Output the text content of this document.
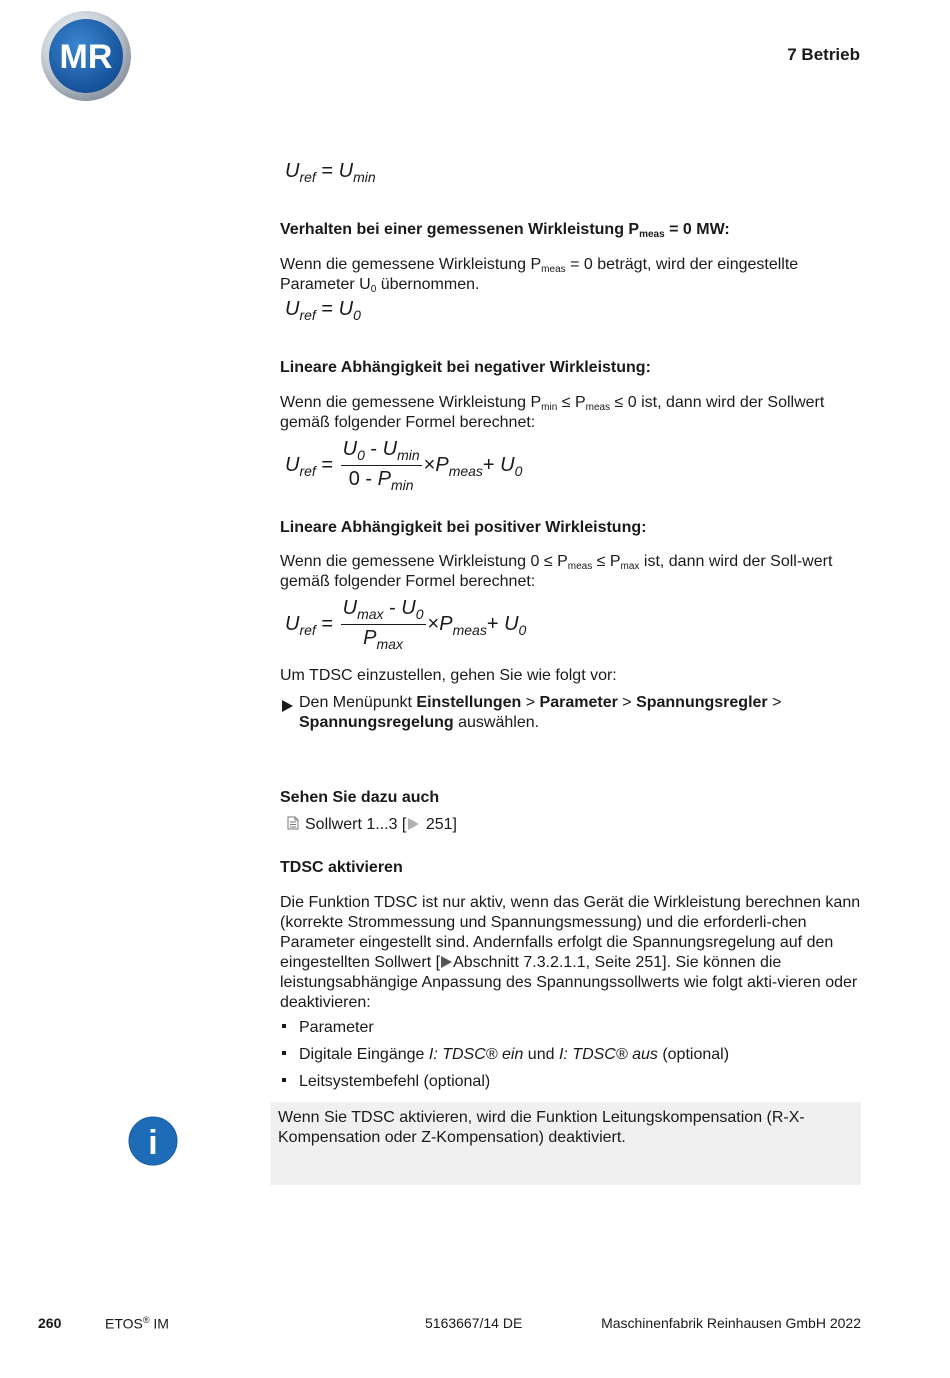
MR	7 Betrieb
$U_{ref} = U_{min}$

Verhalten bei einer gemessenen Wirkleistung $P_{meas} = 0$ MW:

Wenn die gemessene Wirkleistung $P_{meas} = 0$ beträgt, wird der eingestellte Parameter $U_0$ übernommen.

$U_{ref} = U_0$

Lineare Abhängigkeit bei negativer Wirkleistung:

Wenn die gemessene Wirkleistung $P_{min} \le P_{meas} \le 0$ ist, dann wird der Sollwert gemäß folgender Formel berechnet:

$U_{ref} = \frac{U_0 - U_{min}}{0 - P_{min}} \times P_{meas}+ U_0$

Lineare Abhängigkeit bei positiver Wirkleistung:

Wenn die gemessene Wirkleistung $0 \le P_{meas} \le P_{max}$ ist, dann wird der Soll-wert gemäß folgender Formel berechnet:

$U_{ref} = \frac{U_{max} - U_0}{P_{max}} \times P_{meas}+ U_0$

Um TDSC einzustellen, gehen Sie wie folgt vor:

Den Menüpunkt Einstellungen > Parameter > Spannungsregler > Spannungsregelung auswählen.

Sehen Sie dazu auch

Sollwert 1...3 [ 251]

TDSC aktivieren

Die Funktion TDSC ist nur aktiv, wenn das Gerät die Wirkleistung berechnen kann (korrekte Strommessung und Spannungsmessung) und die erforderli-chen Parameter eingestellt sind. Andernfalls erfolgt die Spannungsregelung auf den eingestellten Sollwert [ Abschnitt 7.3.2.1.1, Seite 251]. Sie können die leistungsabhängige Anpassung des Spannungssollwerts wie folgt akti-vieren oder deaktivieren:

Parameter
Digitale Eingänge I: TDSC® ein und I: TDSC® aus (optional)
Leitsystembefehl (optional)
i
Wenn Sie TDSC aktivieren, wird die Funktion Leitungskompensation (R-X-Kompensation oder Z-Kompensation) deaktiviert.
260	ETOS® IM	5163667/14 DE	Maschinenfabrik Reinhausen GmbH 2022
